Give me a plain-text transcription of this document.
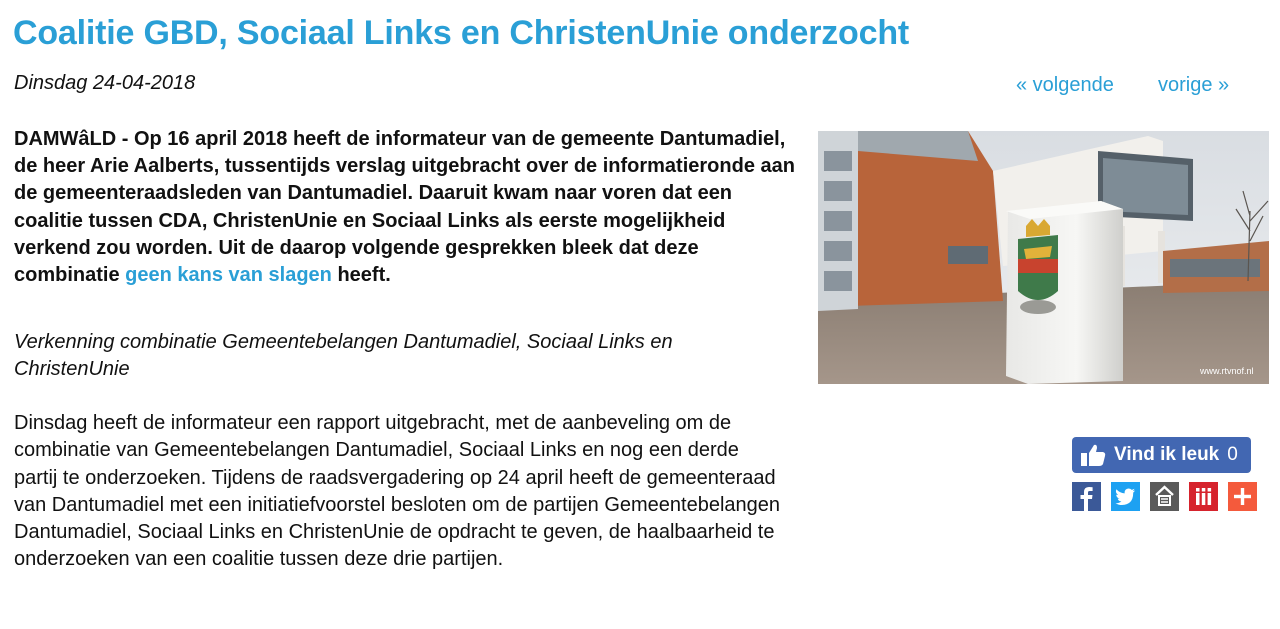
Coalitie GBD, Sociaal Links en ChristenUnie onderzocht
Dinsdag 24-04-2018	« volgende vorige »

DAMWâLD - Op 16 april 2018 heeft de informateur van de gemeente Dantumadiel, de heer Arie Aalberts, tussentijds verslag uitgebracht over de informatieronde aan de gemeenteraadsleden van Dantumadiel. Daaruit kwam naar voren dat een coalitie tussen CDA, ChristenUnie en Sociaal Links als eerste mogelijkheid verkend zou worden. Uit de daarop volgende gesprekken bleek dat deze combinatie geen kans van slagen heeft.

Verkenning combinatie Gemeentebelangen Dantumadiel, Sociaal Links en ChristenUnie

Dinsdag heeft de informateur een rapport uitgebracht, met de aanbeveling om de combinatie van Gemeentebelangen Dantumadiel, Sociaal Links en nog een derde partij te onderzoeken. Tijdens de raadsvergadering op 24 april heeft de gemeenteraad van Dantumadiel met een initiatiefvoorstel besloten om de partijen Gemeentebelangen Dantumadiel, Sociaal Links en ChristenUnie de opdracht te geven, de haalbaarheid te onderzoeken van een coalitie tussen deze drie partijen.

www.rtvnof.nl
Vind ik leuk 0
